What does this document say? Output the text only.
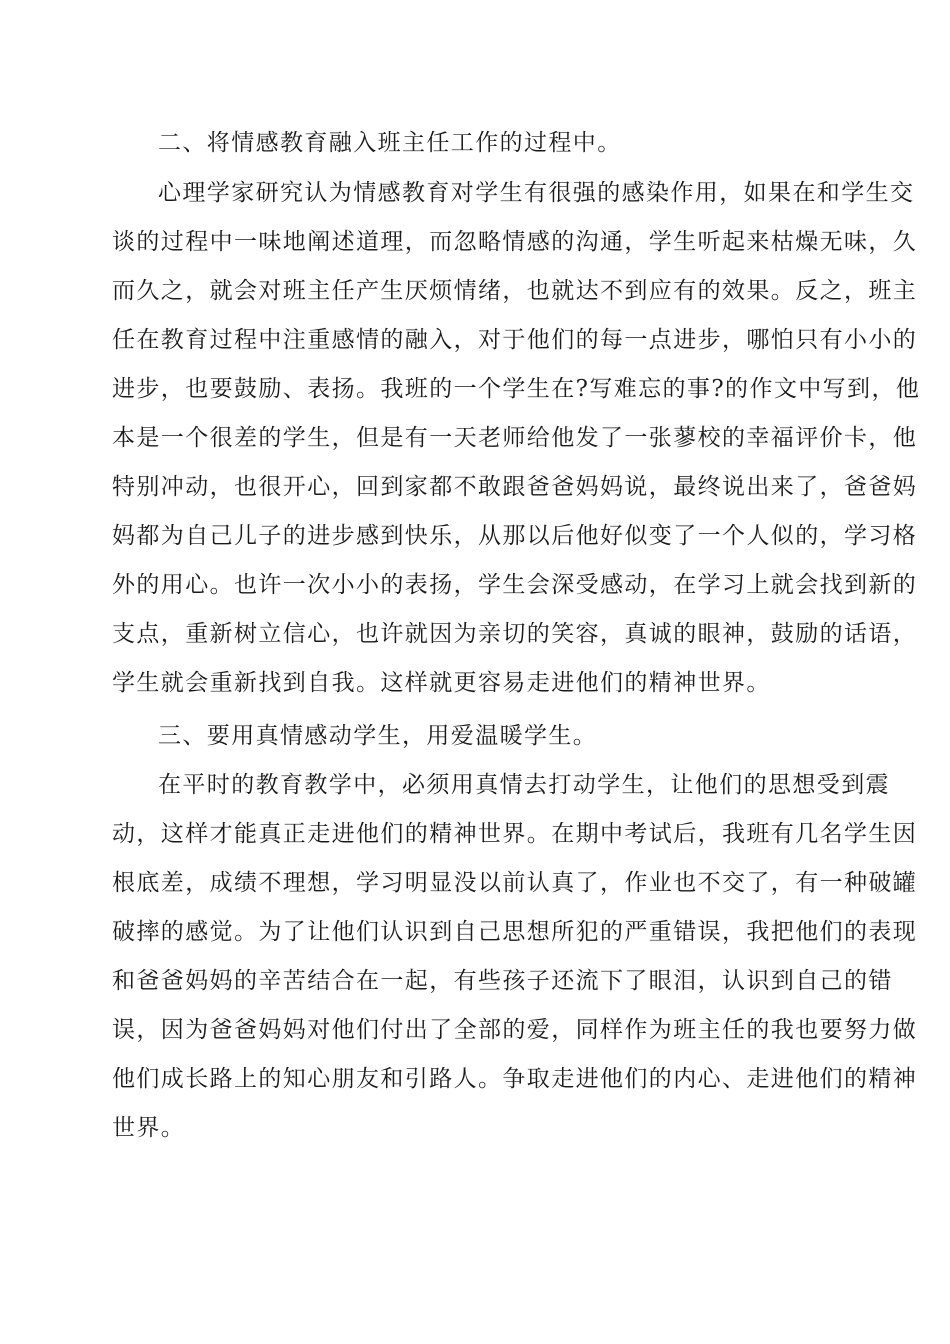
二、将情感教育融入班主任工作的过程中。
心理学家研究认为情感教育对学生有很强的感染作用，如果在和学生交
谈的过程中一味地阐述道理，而忽略情感的沟通，学生听起来枯燥无味，久
而久之，就会对班主任产生厌烦情绪，也就达不到应有的效果。反之，班主
任在教育过程中注重感情的融入，对于他们的每一点进步，哪怕只有小小的
进步，也要鼓励、表扬。我班的一个学生在?写难忘的事?的作文中写到，他
本是一个很差的学生，但是有一天老师给他发了一张蓼校的幸福评价卡，他
特别冲动，也很开心，回到家都不敢跟爸爸妈妈说，最终说出来了，爸爸妈
妈都为自己儿子的进步感到快乐，从那以后他好似变了一个人似的，学习格
外的用心。也许一次小小的表扬，学生会深受感动，在学习上就会找到新的
支点，重新树立信心，也许就因为亲切的笑容，真诚的眼神，鼓励的话语，
学生就会重新找到自我。这样就更容易走进他们的精神世界。
三、要用真情感动学生，用爱温暖学生。
在平时的教育教学中，必须用真情去打动学生，让他们的思想受到震
动，这样才能真正走进他们的精神世界。在期中考试后，我班有几名学生因
根底差，成绩不理想，学习明显没以前认真了，作业也不交了，有一种破罐
破摔的感觉。为了让他们认识到自己思想所犯的严重错误，我把他们的表现
和爸爸妈妈的辛苦结合在一起，有些孩子还流下了眼泪，认识到自己的错
误，因为爸爸妈妈对他们付出了全部的爱，同样作为班主任的我也要努力做
他们成长路上的知心朋友和引路人。争取走进他们的内心、走进他们的精神
世界。
